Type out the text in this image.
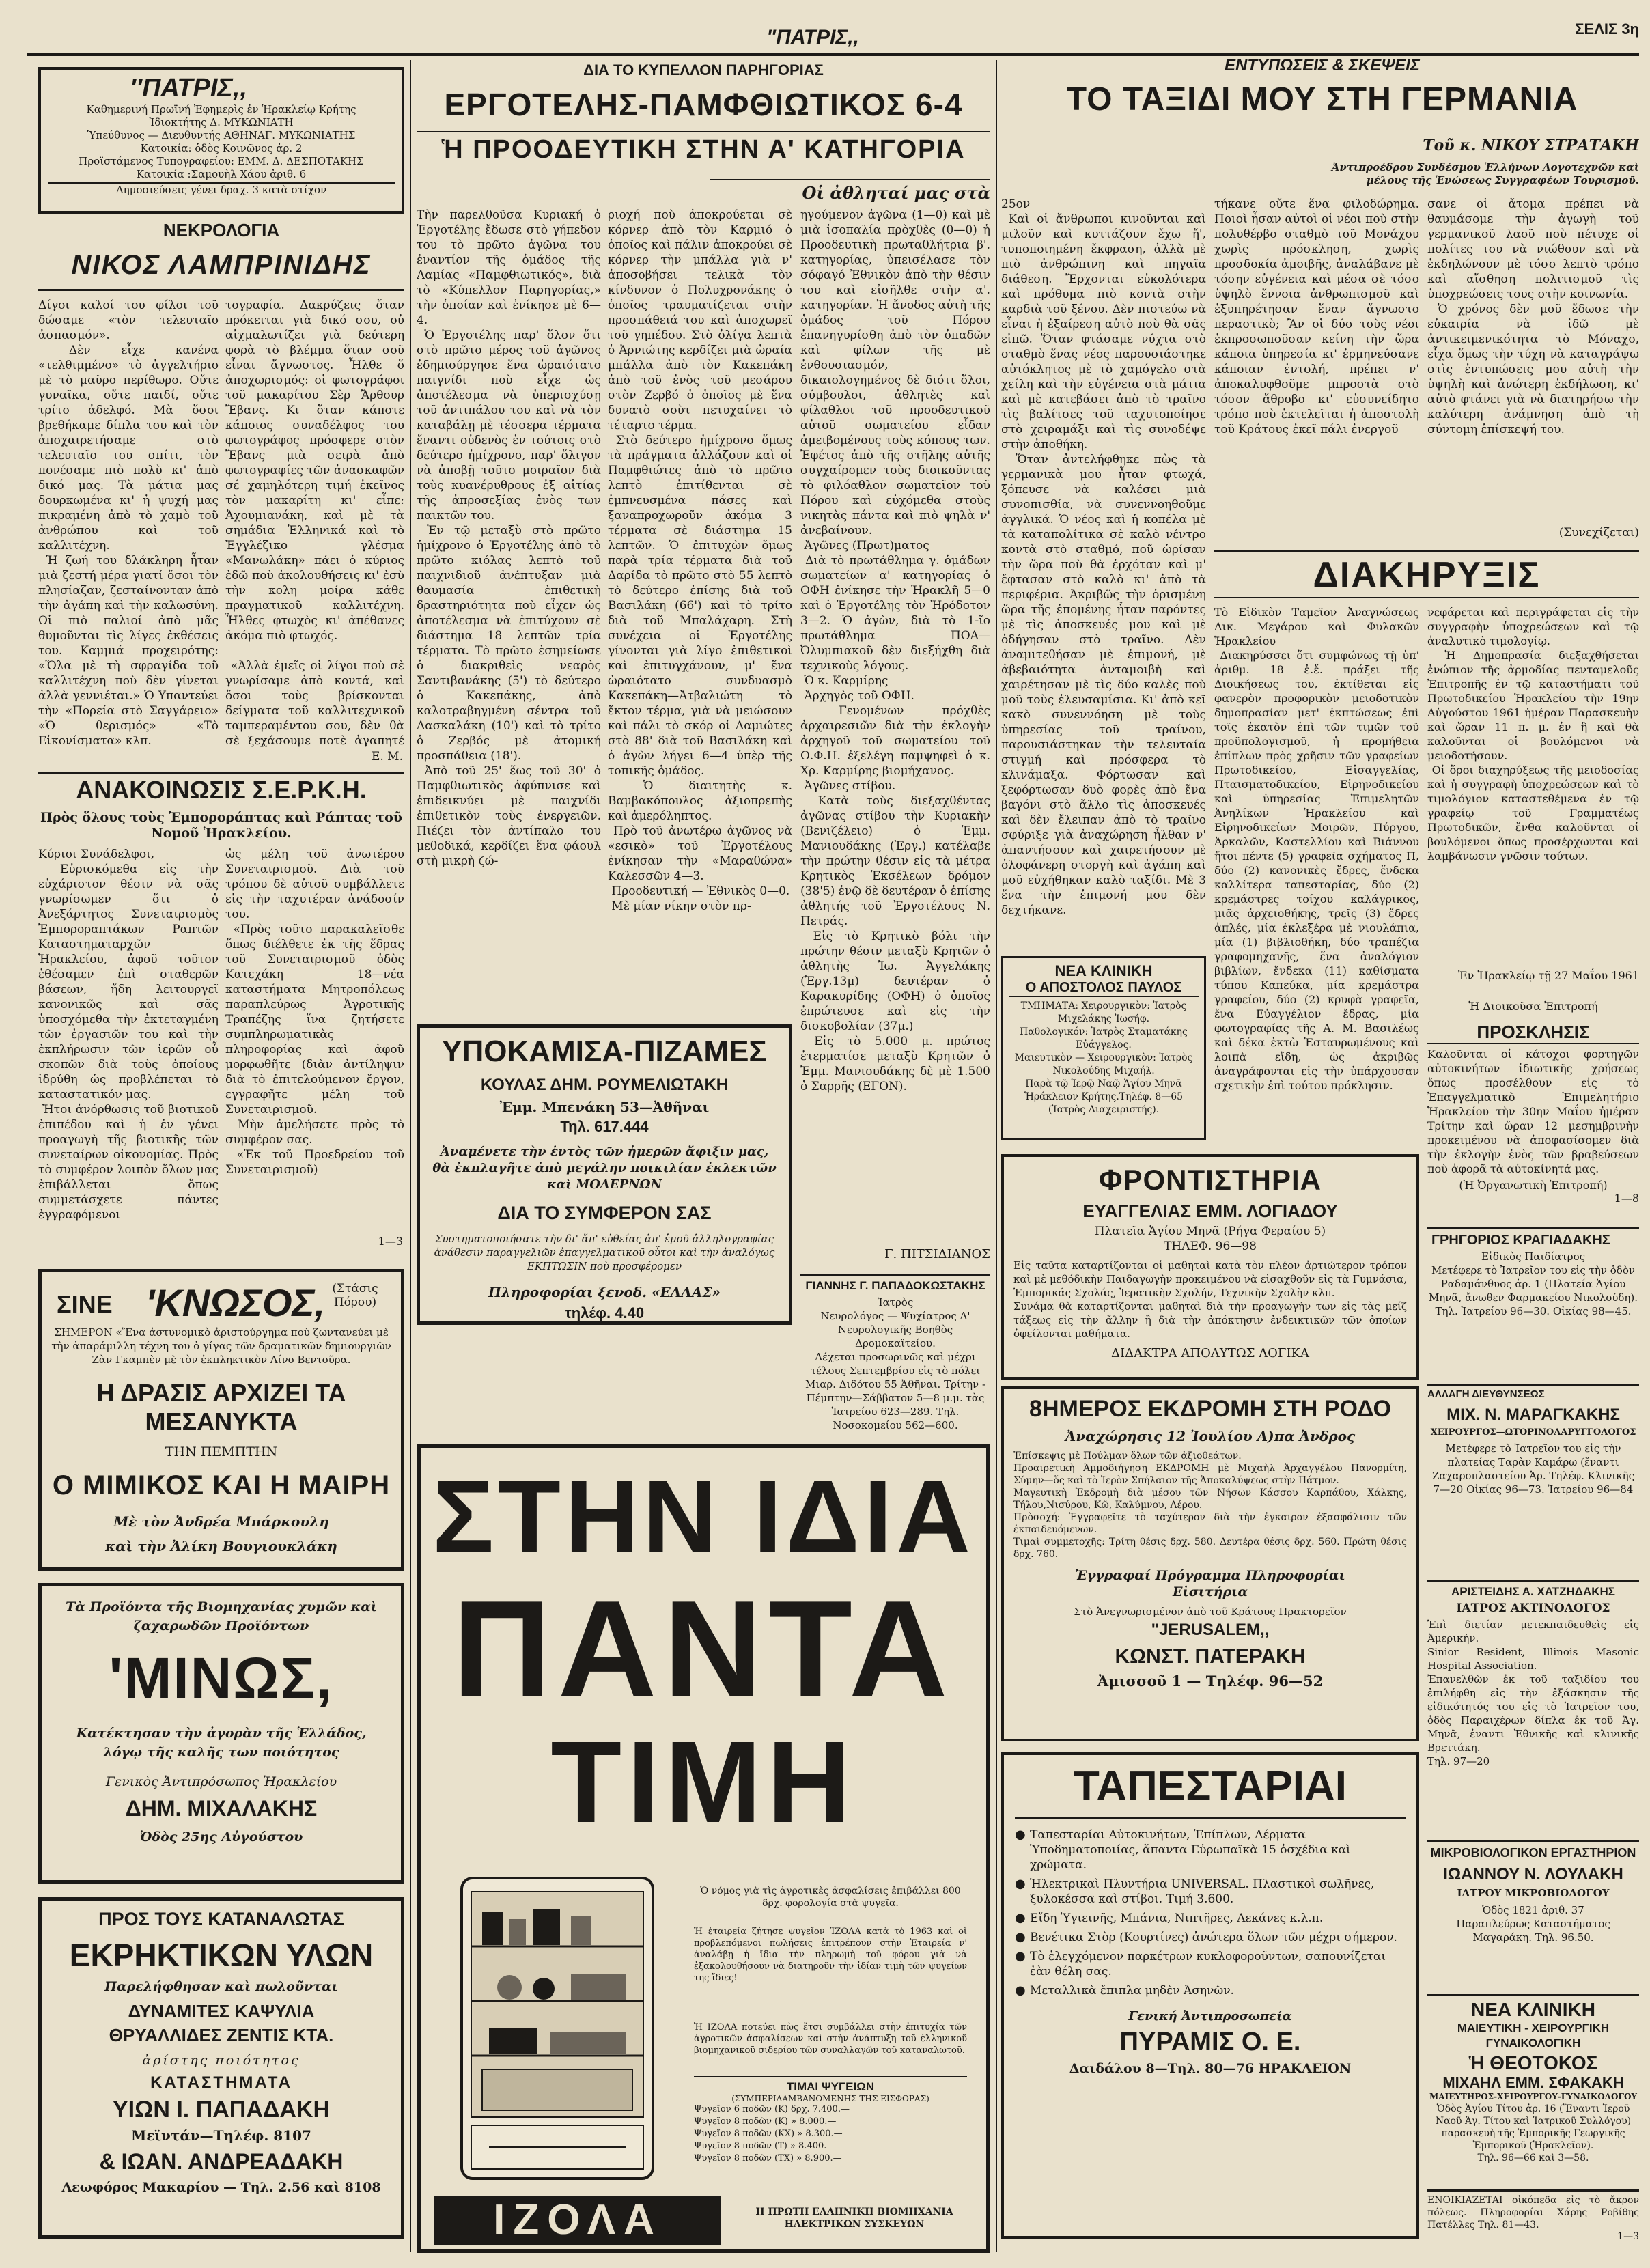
"ΠΑΤΡΙΣ,,	ΣΕΛΙΣ 3η
''ΠΑΤΡΙΣ,,
Καθημερινή Πρωϊνή Ἐφημερὶς ἐν Ἡρακλείῳ Κρήτης
Ἰδιοκτήτης Δ. ΜΥΚΩΝΙΑΤΗ
Ὑπεύθυνος — Διευθυντής ΑΘΗΝΑΓ. ΜΥΚΩΝΙΑΤΗΣ
Κατοικία: ὁδὸς Κοινῶνος ἀρ. 2
Προϊστάμενος Τυπογραφείου: ΕΜΜ. Δ. ΔΕΣΠΟΤΑΚΗΣ
Κατοικία :Σαμουὴλ Χάου ἀριθ. 6
Δημοσιεύσεις γένει δραχ. 3 κατὰ στίχον
ΝΕΚΡΟΛΟΓΙΑ
ΝΙΚΟΣ ΛΑΜΠΡΙΝΙΔΗΣ
Δίγοι καλοί του φίλοι τοῦ δώσαμε «τὸν τελευταῖο ἀσπασμόν».
Δὲν εἶχε κανένα «τελθιμμένο» τὸ ἀγγελτήριο μὲ τὸ μαῦρο περίθωρο. Οὔτε γυναῖκα, οὔτε παιδί, οὔτε τρίτο ἀδελφό. Μὰ ὅσοι βρεθήκαμε δίπλα του καὶ τὸν ἀποχαιρετήσαμε στὸ τελευταῖο του σπίτι, τὸν πονέσαμε πιὸ πολὺ κι' ἀπὸ δικό μας. Τὰ μάτια μας δουρκωμένα κι' ἡ ψυχή μας πικραμένη ἀπὸ τὸ χαμὸ τοῦ ἀνθρώπου καὶ τοῦ καλλιτέχνη.
Ἡ ζωή του δλάκληρη ἦταν μιὰ ζεστή μέρα γιατί ὅσοι τὸν πλησίαζαν, ζεσταίνονταν ἀπὸ τὴν ἀγάπη καὶ τὴν καλωσύνη. Οἱ πιὸ παλιοί ἀπὸ μᾶς θυμοῦνται τὶς λίγες ἐκθέσεις του. Καμμιά προχειρότης: «Ὅλα μὲ τὴ σφραγίδα τοῦ καλλιτέχνη ποὺ δὲν γίνεται ἀλλὰ γεννιέται.» Ὁ Υπαντεύει τὴν «Πορεία στὸ Σαγγάρειο» «Ὁ θερισμός» «Τὸ Εἰκονίσματα» κλπ.
τογραφία. Δακρύζεις ὅταν πρόκειται γιὰ δικό σου, οὐ αἰχμαλωτίζει γιὰ δεύτερη φορὰ τὸ βλέμμα ὅταν σοῦ εἶναι ἄγνωστος. Ἦλθε ὅ ἀποχωρισμός: οἱ φωτογράφοι τοῦ μακαρίτου Σὲρ Ἄρθουρ Ἔβανς. Κι ὅταν κάποτε κάποιος συναδέλφος του φωτογράφος πρόσφερε στὸν Ἔβανς μιὰ σειρὰ ἀπὸ φωτογραφίες τῶν ἀνασκαφῶν σέ χαμηλότερη τιμή ἐκεῖνος τὸν μακαρίτη κι' εἶπε: Ἀχουμιανάκη, καὶ μὲ τὰ σημάδια Ἑλληνικά καὶ τὸ Ἐγγλέζικο γλέσμα «Μανωλάκη» πάει ὁ κύριος ἐδῶ ποὺ ἀκολουθήσεις κι' ἐσὺ τὴν κολη μοίρα κάθε πραγματικοῦ καλλιτέχνη. Ἦλθες φτωχὸς κι' ἀπέθανες ἀκόμα πιὸ φτωχός.

«Ἀλλὰ ἐμεῖς οἱ λίγοι ποὺ σὲ γνωρίσαμε ἀπὸ κοντά, καὶ ὅσοι τοὺς βρίσκονται δείγματα τοῦ καλλιτεχνικοῦ ταμπεραμέντου σου, δὲν θὰ σὲ ξεχάσουμε ποτὲ ἀγαπητέ
Ε. Μ.
ΑΝΑΚΟΙΝΩΣΙΣ Σ.Ε.Ρ.Κ.Η.
Πρὸς ὅλους τοὺς Ἐμποροράπτας καὶ Ράπτας τοῦ Νομοῦ Ἡρακλείου.
Κύριοι Συνάδελφοι,
Εὐρισκόμεθα εἰς τὴν εὐχάριστον θέσιν νὰ σᾶς γνωρίσωμεν ὅτι ὁ Ἀνεξάρτητος Συνεταιρισμὸς Ἐμποροραπτάκων Ραπτῶν Καταστηματαρχῶν Ἡρακλείου, ἀφοῦ τοῦτον ἐθέσαμεν ἐπὶ σταθερῶν βάσεων, ἤδη λειτουργεῖ κανονικῶς καὶ σᾶς ὑποσχόμεθα τὴν ἐκτεταγμένη τῶν ἐργασιῶν του καὶ τὴν ἐκπλήρωσιν τῶν ἱερῶν οὗ σκοπῶν διὰ τοὺς ὁποίους ἱδρύθη ὡς προβλέπεται τὸ καταστατικόν μας.
Ἠτοι ἀνόρθωσις τοῦ βιοτικοῦ ἐπιπέδου καὶ ἡ ἐν γένει προαγωγὴ τῆς βιοτικῆς τῶν συνεταίρων οἰκονομίας. Πρὸς τὸ συμφέρον λοιπὸν ὅλων μας ἐπιβάλλεται ὅπως συμμετάσχετε πάντες ἐγγραφόμενοι
ὡς μέλη τοῦ ἀνωτέρου Συνεταιρισμοῦ. Διὰ τοῦ τρόπου δὲ αὐτοῦ συμβάλλετε εἰς τὴν ταχυτέραν ἀνάδοσίν του.
«Πρὸς τοῦτο παρακαλεῖσθε ὅπως διέλθετε ἐκ τῆς ἕδρας τοῦ Συνεταιρισμοῦ ὁδὸς Κατεχάκη 18—νέα καταστήματα Μητροπόλεως παραπλεύρως Ἀγροτικῆς Τραπέζης ἵνα ζητήσετε συμπληρωματικὰς πληροφορίας καὶ ἀφοῦ μορφωθῆτε (διὰν ἀντίληψιν διὰ τὸ ἐπιτελούμενον ἔργον, εγγραφῆτε μέλη τοῦ Συνεταιρισμοῦ.
Μὴν ἀμελήσετε πρὸς τὸ συμφέρον σας.
«Ἐκ τοῦ Προεδρείου τοῦ Συνεταιρισμοῦ)
1—3
ΣΙΝΕ 'ΚΝΩΣΟΣ, (Στάσις Πόρου)
ΣΗΜΕΡΟΝ «Ἕνα ἀστυνομικὸ ἀριστούργημα ποὺ ζωντανεύει μὲ τὴν ἀπαράμιλλη τέχνη του ὁ γίγας τῶν δραματικῶν δημιουργιῶν Ζὰν Γκαμπὲν μὲ τὸν ἐκπληκτικὸν Λίνο Βεντοῦρα.
Η ΔΡΑΣΙΣ ΑΡΧΙΖΕΙ ΤΑ ΜΕΣΑΝΥΚΤΑ
ΤΗΝ ΠΕΜΠΤΗΝ
Ο ΜΙΜΙΚΟΣ ΚΑΙ Η ΜΑΙΡΗ
Μὲ τὸν Ἀνδρέα Μπάρκουλη
καὶ τὴν Ἀλίκη Βουγιουκλάκη
Τὰ Προϊόντα τῆς Βιομηχανίας χυμῶν καὶ ζαχαρωδῶν Προϊόντων
'ΜΙΝΩΣ,
Κατέκτησαν τὴν ἀγορὰν τῆς Ἑλλάδος, λόγῳ τῆς καλῆς των ποιότητος
Γενικὸς Ἀντιπρόσωπος Ἡρακλείου
ΔΗΜ. ΜΙΧΑΛΑΚΗΣ
Ὁδὸς 25ης Αὐγούστου
ΠΡΟΣ ΤΟΥΣ ΚΑΤΑΝΑΛΩΤΑΣ
ΕΚΡΗΚΤΙΚΩΝ ΥΛΩΝ
Παρελήφθησαν καὶ πωλοῦνται
ΔΥΝΑΜΙΤΕΣ ΚΑΨΥΛΙΑ
ΘΡΥΑΛΛΙΔΕΣ ΖΕΝΤΙΣ ΚΤΑ.
ἀρίστης ποιότητος
ΚΑΤΑΣΤΗΜΑΤΑ
ΥΙΩΝ Ι. ΠΑΠΑΔΑΚΗ
Μεϊντάν—Τηλέφ. 8107
& ΙΩΑΝ. ΑΝΔΡΕΑΔΑΚΗ
Λεωφόρος Μακαρίου — Τηλ. 2.56 καὶ 8108
ΔΙΑ ΤΟ ΚΥΠΕΛΛΟΝ ΠΑΡΗΓΟΡΙΑΣ
ΕΡΓΟΤΕΛΗΣ-ΠΑΜΦΘΙΩΤΙΚΟΣ 6-4
Ἡ ΠΡΟΟΔΕΥΤΙΚΗ ΣΤΗΝ Α' ΚΑΤΗΓΟΡΙΑ
Οἱ ἀθληταί μας στὰ
Τὴν παρελθοῦσα Κυριακή ὁ Ἐργοτέλης ἔδωσε στὸ γήπεδον του τὸ πρῶτο ἀγῶνα του ἐναντίον τῆς ὁμάδος τῆς Λαμίας «Παμφθιωτικός», διὰ τὸ «Κύπελλον Παρηγορίας,» τὴν ὁποίαν καὶ ἐνίκησε μὲ 6—4.
Ὁ Ἐργοτέλης παρ' ὅλον ὅτι στὸ πρῶτο μέρος τοῦ ἀγῶνος ἐδημιούργησε ἕνα ὡραιότατο παιγνίδι ποὺ εἶχε ὡς ἀποτέλεσμα νὰ ὑπερισχύσῃ τοῦ ἀντιπάλου του καὶ νὰ τὸν καταβάλῃ μὲ τέσσερα τέρματα ἔναντι οὐδενὸς ἐν τούτοις στὸ δεύτερο ἡμίχρονο, παρ' ὅλιγον νὰ ἀποβῇ τοῦτο μοιραῖον διὰ τοὺς κυανέρυθρους ἐξ αἰτίας τῆς ἀπροσεξίας ἑνὸς των παικτῶν του.
Ἐν τῷ μεταξὺ στὸ πρῶτο ἡμίχρονο ὁ Ἐργοτέλης ἀπὸ τὸ πρῶτο κιόλας λεπτὸ τοῦ παιχνιδιοῦ ἀνέπτυξαν μιὰ θαυμασία ἐπιθετικὴ δραστηριότητα ποὺ εἶχεν ὡς ἀποτέλεσμα νὰ ἐπιτύχουν σὲ διάστημα 18 λεπτῶν τρία τέρματα. Τὸ πρῶτο ἐσημείωσε ὁ διακριθεὶς νεαρὸς Σαντιβανάκης (5') τὸ δεύτερο ὁ Κακεπάκης, ἀπὸ καλοτραβηγμένη σέντρα τοῦ Δασκαλάκη (10') καὶ τὸ τρίτο ὁ Ζερβός μὲ ἀτομική προσπάθεια (18').
Ἀπὸ τοῦ 25' ἕως τοῦ 30' ὁ Παμφθιωτικὸς ἀφύπνισε καὶ ἐπιδεικνύει μὲ παιχνίδι ἐπιθετικὸν τοὺς ἐνεργειῶν. Πιέζει τὸν ἀντίπαλο του μεθοδικά, κερδίζει ἕνα φάουλ στὴ μικρὴ ζώ-
ριοχή ποὺ ἀποκρούεται σὲ κόρνερ ἀπὸ τὸν Καρμιό ὁ ὁποῖος καὶ πάλιν ἀποκρούει σὲ κόρνερ τὴν μπάλλα γιὰ ν' ἀποσοβήσει τελικὰ τὸν κίνδυνον ὁ Πολυχρονάκης ὁ ὁποῖος τραυματίζεται στὴν προσπάθειά του καὶ ἀποχωρεῖ τοῦ γηπέδου. Στὸ ὀλίγα λεπτὰ ὁ Ἀρνιώτης κερδίζει μιὰ ὡραία μπάλλα ἀπὸ τὸν Κακεπάκη ἀπὸ τοῦ ἑνὸς τοῦ μεσάρου στὸν Ζερβό ὁ ὁποῖος μὲ ἕνα δυνατὸ σοὺτ πετυχαίνει τὸ τέταρτο τέρμα.
Στὸ δεύτερο ἡμίχρονο ὅμως τὰ πράγματα ἀλλάζουν καὶ οἱ Παμφθιώτες ἀπὸ τὸ πρῶτο λεπτὸ ἐπιτίθενται σὲ ἐμπνευσμένα πάσες καὶ ξαναπροχωροῦν ἀκόμα 3 τέρματα σὲ διάστημα 15 λεπτῶν. Ὁ ἐπιτυχὼν ὅμως παρὰ τρία τέρματα διὰ τοῦ Δαρίδα τὸ πρῶτο στὸ 55 λεπτὸ τὸ δεύτερο ἐπίσης διὰ τοῦ Βασιλάκη (66') καὶ τὸ τρίτο διὰ τοῦ Μπαλάχαρη. Στὴ συνέχεια οἱ Ἐργοτέλης γίνονται γιὰ λίγο ἐπιθετικοὶ καὶ ἐπιτυγχάνουν, μ' ἕνα ὡραιότατο συνδυασμὸ Κακεπάκη—Ἀτβαλιώτη τὸ ἕκτον τέρμα, γιὰ νὰ μειώσουν καὶ πάλι τὸ σκόρ οἱ Λαμιώτες στὸ 88' διὰ τοῦ Βασιλάκη καὶ ὁ ἀγὼν λήγει 6—4 ὑπὲρ τῆς τοπικῆς ὁμάδος.
Ὁ διαιτητὴς κ. Βαμβακόπουλος ἀξιοπρεπὴς καὶ ἀμερόληπτος.
Πρὸ τοῦ ἀνωτέρω ἀγῶνος νὰ «εσικὸ» τοῦ Ἐργοτέλους ἐνίκησαν τὴν «Μαραθώνα» Καλεσσῶν 4—3.
Προοδευτική — Ἐθνικὸς 0—0.
Μὲ μίαν νίκην στὸν πρ-
ηγούμενον ἀγῶνα (1—0) καὶ μὲ μιὰ ἰσοπαλία πρὸχθὲς (0—0) ἡ Προοδευτικὴ πρωταθλήτρια β'. κατηγορίας, ὑπεισέλασε τὸν σόφαγό Ἐθνικὸν ἀπὸ τὴν θέσιν του καὶ εἰσῆλθε στὴν α'. κατηγορίαν. Ἡ ἄνοδος αὐτὴ τῆς ὁμάδος τοῦ Πόρου ἐπανηγυρίσθη ἀπὸ τὸν ὀπαδῶν καὶ φίλων τῆς μὲ ἐνθουσιασμόν, δικαιολογημένος δὲ διότι ὅλοι, σύμβουλοι, ἀθλητὲς καὶ φίλαθλοι τοῦ προοδευτικοῦ αὐτοῦ σωματείου εἶδαν ἀμειβομένους τοὺς κόπους των. Ἐφέτος ἀπὸ τῆς στῆλης αὐτῆς συγχαίρομεν τοὺς διοικοῦντας τὸ φιλόαθλον σωματεῖον τοῦ Πόρου καὶ εὐχόμεθα στοὺς νικητὰς πάντα καὶ πιὸ ψηλὰ ν' ἀνεβαίνουν.
Ἀγῶνες (Πρωτ)ματος
Διὰ τὸ πρωτάθλημα γ. ὁμάδων σωματείων α' κατηγορίας ὁ ΟΦΗ ἐνίκησε τὴν Ἡρακλῆ 5—0 καὶ ὁ Ἐργοτέλης τὸν Ἡρόδοτον 3—2. Ὁ ἀγὼν, διὰ τὸ 1-ῖο πρωτάθλημα ΠΟΑ—Ὀλυμπιακοῦ δὲν διεξήχθη διὰ τεχνικοὺς λόγους.
Ὁ κ. Καρμίρης
Ἀρχηγὸς τοῦ ΟΦΗ.
Γενομένων πρόχθὲς ἀρχαιρεσιῶν διὰ τὴν ἐκλογὴν ἀρχηγοῦ τοῦ σωματείου τοῦ Ο.Φ.Η. ἐξελέγη παμψηφεὶ ὁ κ. Χρ. Καρμίρης βιομήχανος.
Ἀγῶνες στίβου.
Κατὰ τοὺς διεξαχθέντας ἀγῶνας στίβου τὴν Κυριακὴν (Βενιζέλειο) ὁ Ἐμμ. Μανιουδάκης (Ἐργ.) κατέλαβε τὴν πρώτην θέσιν εἰς τὰ μέτρα Κρητικὸς Ἐκσέλεων δρόμον (38'5) ἐνῷ δὲ δευτέραν ὁ ἐπίσης ἀθλητής τοῦ Ἐργοτέλους Ν. Πετράς.
Εἰς τὸ Κρητικὸ βόλι τὴν πρώτην θέσιν μεταξὺ Κρητῶν ὁ ἀθλητὴς Ἰω. Ἀγγελάκης (Ἐργ.13μ) δευτέραν ὁ Καρακυρίδης (ΟΦΗ) ὁ ὁποῖος ἐπρώτευσε καὶ εἰς τὴν δισκοβολίαν (37μ.)
Εἰς τὸ 5.000 μ. πρώτος ἐτερματίσε μεταξὺ Κρητῶν ὁ Ἐμμ. Μανιουδάκης δὲ μὲ 1.500 ὁ Σαρρῆς (ΕΓΟΝ).
Γ. ΠΙΤΣΙΔΙΑΝΟΣ
ΥΠΟΚΑΜΙΣΑ-ΠΙΖΑΜΕΣ
ΚΟΥΛΑΣ ΔΗΜ. ΡΟΥΜΕΛΙΩΤΑΚΗ
Ἐμμ. Μπενάκη 53—Ἀθῆναι
Τηλ. 617.444
Ἀναμένετε τὴν ἐντὸς τῶν ἡμερῶν ἄφιξιν μας, θὰ ἐκπλαγῆτε ἀπὸ μεγάλην ποικιλίαν ἐκλεκτῶν καὶ ΜΟΔΕΡΝΩΝ
ΔΙΑ ΤΟ ΣΥΜΦΕΡΟΝ ΣΑΣ
Συστηματοποιήσατε τὴν δι' ἄπ' εὐθείας ἀπ' ἐμοῦ ἀλληλογραφίας ἀνάθεσιν παραγγελιῶν ἐπαγγελματικοῦ οὗτοι καὶ τὴν ἀναλόγως ΕΚΠΤΩΣΙΝ ποὺ προσφέρομεν
Πληροφορίαι ξενοδ. «ΕΛΛΑΣ»
τηλέφ. 4.40
ΓΙΑΝΝΗΣ Γ. ΠΑΠΑΔΟΚΩΣΤΑΚΗΣ
Ἰατρὸς
Νευρολόγος — Ψυχίατρος Α' Νευρολογικῆς Βοηθὸς Δρομοκαϊτείου.
Δέχεται προσωρινῶς καὶ μέχρι τέλους Σεπτεμβρίου εἰς τὸ πόλει Μιαρ. Διδότου 55 Ἀθῆναι. Τρίτην - Πέμπτην—Σάββατον 5—8 μ.μ. τὰς Ἰατρείου 623—289. Τηλ. Νοσοκομείου 562—600.
ΣΤΗΝ ΙΔΙΑ
ΠΑΝΤΑ
ΤΙΜΗ
Ὁ νόμος γιὰ τὶς ἀγροτικὲς ἀσφαλίσεις ἐπιβάλλει 800 δρχ. φορολογία στὰ ψυγεῖα.
Ἡ ἑταιρεία ζήτησε ψυγεῖον ἸΖΟΛΑ κατὰ τὸ 1963 καὶ οἱ προβλεπόμενοι πωλήσεις ἐπιτρέπουν στὴν Ἑταιρεία ν' ἀναλάβῃ ἡ ἴδια τὴν πληρωμὴ τοῦ φόρου γιὰ νὰ ἐξακολουθήσουν νὰ διατηροῦν τὴν ἰδίαν τιμὴ τῶν ψυγείων της ἴδιες!
Ἡ ΙΖΟΛΑ ποτεύει πὼς ἔτσι συμβάλλει στὴν ἐπιτυχία τῶν ἀγροτικῶν ἀσφαλίσεων καὶ στὴν ἀνάπτυξη τοῦ ἑλληνικοῦ βιομηχανικοῦ σιδερίου τῶν συναλλαγῶν τοῦ καταναλωτοῦ.
ΤΙΜΑΙ ΨΥΓΕΙΩΝ
(ΣΥΜΠΕΡΙΛΑΜΒΑΝΟΜΕΝΗΣ ΤΗΣ ΕΙΣΦΟΡΑΣ)
Ψυγεῖον 6 ποδῶν (Κ) δρχ. 7.400.—
Ψυγεῖον 8 ποδῶν (Κ) » 8.000.—
Ψυγεῖον 8 ποδῶν (ΚΧ) » 8.300.—
Ψυγεῖον 8 ποδῶν (Τ) » 8.400.—
Ψυγεῖον 8 ποδῶν (ΤΧ) » 8.900.—
ΙΖΟΛΑ	Η ΠΡΩΤΗ ΕΛΛΗΝΙΚΗ ΒΙΟΜΗΧΑΝΙΑ ΗΛΕΚΤΡΙΚΩΝ ΣΥΣΚΕΥΩΝ
ΕΝΤΥΠΩΣΕΙΣ & ΣΚΕΨΕΙΣ
ΤΟ ΤΑΞΙΔΙ ΜΟΥ ΣΤΗ ΓΕΡΜΑΝΙΑ
Τοῦ κ. ΝΙΚΟΥ ΣΤΡΑΤΑΚΗ
Ἀντιπροέδρου Συνδέσμου Ἑλλήνων Λογοτεχνῶν καὶ μέλους τῆς Ἑνώσεως Συγγραφέων Τουρισμοῦ.
25ον
Καὶ οἱ ἄνθρωποι κινοῦνται καὶ μιλοῦν καὶ κυττάζουν ἔχω ἤ', τυποποιημένη ἔκφραση, ἀλλὰ μὲ πιὸ ἀνθρώπινη καὶ πηγαῖα διάθεση. Ἔρχονται εὐκολότερα καὶ πρόθυμα πιὸ κοντὰ στὴν καρδιὰ τοῦ ξένου. Δὲν πιστεύω νὰ εἶναι ἡ ἐξαίρεση αὐτὸ ποὺ θὰ σᾶς εἰπῶ. Ὅταν φτάσαμε νύχτα στὸ σταθμὸ ἕνας νέος παρουσιάστηκε αὐτόκλητος μὲ τὸ χαμόγελο στὰ χείλη καὶ τὴν εὐγένεια στὰ μάτια καὶ μὲ κατεβάσει ἀπὸ τὸ τραῖνο τὶς βαλίτσες τοῦ ταχυτοποίησε στὸ χειραμάξι καὶ τὶς συνοδέψε στὴν ἀποθήκη.
Ὅταν ἀντελήφθηκε πὼς τὰ γερμανικὰ μου ἦταν φτωχά, ξόπευσε νὰ καλέσει μιὰ συνοπισθία, νὰ συνεννοηθοῦμε ἀγγλικά. Ὁ νέος καὶ ἡ κοπέλα μὲ τὰ καταπολίτικα σὲ καλὸ νέντρο κοντὰ στὸ σταθμό, ποῦ ὡρίσαν τὴν ὥρα ποὺ θὰ ἐρχόταν καὶ μ' ἔφτασαν στὸ καλὸ κι' ἀπὸ τὰ περιφέρια. Ἀκριβῶς τὴν ὁρισμένη ὥρα τῆς ἐπομένης ἦταν παρόντες μὲ τὶς ἀποσκευές μου καὶ μὲ ὁδήγησαν στὸ τραῖνο. Δὲν ἀναμιτεθήσαν μὲ ἐπιμονή, μὲ ἀβεβαιότητα ἀνταμοιβὴ καὶ χαιρέτησαν μὲ τὶς δύο καλὲς ποὺ μοῦ τοὺς ἐλευσαμίσια. Κι' ἀπὸ κεῖ κακὸ συνεννόηση μὲ τοὺς ὑπηρεσίας τοῦ τραίνου, παρουσιάστηκαν τὴν τελευταία στιγμή καὶ πρόσφερα τὸ κλινάμαξα. Φόρτωσαν καὶ ξεφόρτωσαν δυὸ φορὲς ἀπὸ ἕνα βαγόνι στὸ ἄλλο τὶς ἀποσκευές καὶ δὲν ἔλειπαν ἀπὸ τὸ τραῖνο σφύριξε γιὰ ἀναχώρηση ἦλθαν ν' ἀπαντήσουν καὶ χαιρετήσουν μὲ ὁλοφάνερη στοργὴ καὶ ἀγάπη καὶ μοῦ εὐχήθηκαν καλὸ ταξίδι. Μὲ 3 ἕνα τὴν ἐπιμονή μου δὲν δεχτήκανε.
τήκανε οὔτε ἕνα φιλοδώρημα. Ποιοὶ ἦσαν αὐτοὶ οἱ νέοι ποὺ στὴν πολυθέρβο σταθμὸ τοῦ Μονάχου χωρὶς πρόσκληση, χωρὶς προσδοκία ἀμοιβῆς, ἀναλάβανε μὲ τόσην εὐγένεια καὶ μέσα σὲ τόσο ὑψηλὸ ἔννοια ἀνθρωπισμοῦ καὶ ἐξυπηρέτησαν ἕναν ἄγνωστο περαστικὸ; Ἂν οἱ δύο τοὺς νέοι ἐκπροσωποῦσαν κείνη τὴν ὥρα κάποια ὑπηρεσία κι' ἐρμηνεύσανε κάποιαν ἐντολή, πρέπει ν' ἀποκαλυφθοῦμε μπροστὰ στὸ τόσον ἄθροβο κι' εὐσυνείδητο τρόπο ποὺ ἐκτελεῖται ἡ ἀποστολὴ τοῦ Κράτους ἐκεῖ πάλι ἐνεργοῦ
σανε οἱ ἄτομα πρέπει νὰ θαυμάσομε τὴν ἀγωγὴ τοῦ γερμανικοῦ λαοῦ ποὺ πέτυχε οἱ πολίτες του νὰ νιώθουν καὶ νὰ ἐκδηλώνουν μὲ τόσο λεπτὸ τρόπο καὶ αἴσθηση πολιτισμοῦ τὶς ὑποχρεώσεις τους στὴν κοινωνία.
Ὁ χρόνος δὲν μοῦ ἔδωσε τὴν εὐκαιρία νὰ ἰδῶ μὲ ἀντικειμενικότητα τὸ Μόναχο, εἶχα ὅμως τὴν τύχη νὰ καταγράψω στὶς ἐντυπώσεις μου αὐτὴ τὴν ὑψηλὴ καὶ ἀνώτερη ἐκδήλωση, κι' αὐτὸ φτάνει γιὰ νὰ διατηρήσω τὴν καλύτερη ἀνάμνηση ἀπὸ τὴ σύντομη ἐπίσκεψή του.
(Συνεχίζεται)
ΔΙΑΚΗΡΥΞΙΣ
Τὸ Εἰδικὸν Ταμεῖον Ἀναγνώσεως Δικ. Μεγάρου καὶ Φυλακῶν Ἡρακλείου
Διακηρύσσει ὅτι συμφώνως τῇ ὑπ' ἀριθμ. 18 ἐ.ἔ. πράξει τῆς Διοικήσεως του, ἐκτίθεται εἰς φανερὸν προφορικὸν μειοδοτικὸν δημοπρασίαν μετ' ἐκπτώσεως ἐπὶ τοῖς ἑκατὸν ἐπὶ τῶν τιμῶν τοῦ προϋπολογισμοῦ, ἡ προμήθεια ἐπίπλων πρὸς χρῆσιν τῶν γραφείων Πρωτοδικείου, Εἰσαγγελίας, Πταισματοδικείου, Εἰρηνοδικείου καὶ ὑπηρεσίας Ἐπιμελητῶν Ἀνηλίκων Ἡρακλείου καὶ Εἰρηνοδικείων Μοιρῶν, Πύργου, Ἀρκαλῶν, Καστελλίου καὶ Βιάννου ἤτοι πέντε (5) γραφεῖα σχήματος Π, δύο (2) κανονικὲς ἔδρες, ἕνδεκα καλλίτερα ταπεσταρίας, δύο (2) κρεμάστρες τοίχου καλάγρικος, μιᾶς ἀρχειοθήκης, τρεῖς (3) ἔδρες ἀπλές, μία ἐκλεξέρα μὲ νιουλάπια, μία (1) βιβλιοθήκη, δύο τραπέζια γραφομηχανῆς, ἕνα ἀναλόγιον βιβλίων, ἕνδεκα (11) καθίσματα τύπου Καπεύκα, μία κρεμάστρα γραφείου, δύο (2) κρυφὰ γραφεῖα, ἕνα Εὐαγγέλιον ἔδρας, μία φωτογραφίας τῆς Α. Μ. Βασιλέως καὶ δέκα ἐκτὼ Ἐσταυρωμένους καὶ λοιπὰ εἴδη, ὡς ἀκριβῶς ἀναγράφονται εἰς τὴν ὑπάρχουσαν σχετικὴν ἐπὶ τούτου πρόκλησιν.
νεφάρεται καὶ περιγράφεται εἰς τὴν συγγραφὴν ὑποχρεώσεων καὶ τῷ ἀναλυτικὸ τιμολογίῳ.
Ἡ Δημοπρασία διεξαχθήσεται ἐνώπιον τῆς ἀρμοδίας πενταμελοῦς Ἐπιτροπῆς ἐν τῷ καταστήματι τοῦ Πρωτοδικείου Ἡρακλείου τὴν 19ην Αὐγούστου 1961 ἡμέραν Παρασκευὴν καὶ ὥραν 11 π. μ. ἐν ἣ καὶ θὰ καλοῦνται οἱ βουλόμενοι νὰ μειοδοτήσουν.
Οἱ ὅροι διαχηρύξεως τῆς μειοδοσίας καὶ ἡ συγγραφὴ ὑποχρεώσεων καὶ τὸ τιμολόγιον καταστεθέμενα ἐν τῷ γραφείῳ τοῦ Γραμματέως Πρωτοδικῶν, ἔνθα καλοῦνται οἱ βουλόμενοι ὅπως προσέρχωνται καὶ λαμβάνωσιν γνῶσιν τούτων.
Ἐν Ἡρακλείῳ τῇ 27 Μαΐου 1961
Ἡ Διοικοῦσα Ἐπιτροπή
ΝΕΑ ΚΛΙΝΙΚΗ
Ο ΑΠΟΣΤΟΛΟΣ ΠΑΥΛΟΣ
ΤΜΗΜΑΤΑ: Χειρουργικὸν: Ἰατρὸς Μιχελάκης Ἰωσήφ.
Παθολογικόν: Ἰατρὸς Σταματάκης Εὐάγγελος.
Μαιευτικὸν — Χειρουργικὸν: Ἰατρὸς Νικολούδης Μιχαήλ.
Παρὰ τῷ Ἱερῷ Ναῷ Ἁγίου Μηνᾶ Ἡράκλειον Κρήτης.Τηλέφ. 8—65
(Ἰατρὸς Διαχειριστής).
ΠΡΟΣΚΛΗΣΙΣ
Καλοῦνται οἱ κάτοχοι φορτηγῶν αὐτοκινήτων ἰδιωτικῆς χρήσεως ὅπως προσέλθουν εἰς τὸ Ἐπαγγελματικὸ Ἐπιμελητήριο Ἡρακλείου τὴν 30ην Μαΐου ἡμέραν Τρίτην καὶ ὥραν 12 μεσημβρινὴν προκειμένου νὰ ἀποφασίσομεν διὰ τὴν ἐκλογὴν ἑνὸς τῶν βραβεύσεων ποὺ ἀφορᾶ τὰ αὐτοκίνητά μας.
(Ἡ Ὀργανωτικὴ Ἐπιτροπή)
1—8
ΦΡΟΝΤΙΣΤΗΡΙΑ
ΕΥΑΓΓΕΛΙΑΣ ΕΜΜ. ΛΟΓΙΑΔΟΥ
Πλατεῖα Ἁγίου Μηνᾶ (Ρήγα Φεραίου 5)
ΤΗΛΕΦ. 96—98
Εἰς ταῦτα καταρτίζονται οἱ μαθηταὶ κατὰ τὸν πλέον ἀρτιώτερον τρόπον καὶ μὲ μεθόδικὴν Παιδαγωγὴν προκειμένου νὰ εἰσαχθοῦν εἰς τὰ Γυμνάσια, Ἐμπορικάς Σχολάς, Ἱερατικὴν Σχολήν, Τεχνικὴν Σχολὴν κλπ.
Συνάμα θὰ καταρτίζονται μαθηταὶ διὰ τὴν προαγωγὴν των εἰς τὰς μείζ τάξεως εἰς τὴν ἄλλην ἢ διὰ τὴν ἀπόκτησιν ἐνδεικτικῶν τῶν ὁποίων ὀφείλονται μαθήματα.
ΔΙΔΑΚΤΡΑ ΑΠΟΛΥΤΩΣ ΛΟΓΙΚΑ
ΓΡΗΓΟΡΙΟΣ ΚΡΑΓΙΑΔΑΚΗΣ
Εἰδικὸς Παιδίατρος
Μετέφερε τὸ Ἰατρεῖον του εἰς τὴν ὁδὸν Ραδαμάνθυος ἀρ. 1 (Πλατεία Ἁγίου Μηνᾶ, ἄνωθεν Φαρμακείου Νικολούδη).
Τηλ. Ἰατρείου 96—30. Οἰκίας 98—45.
8ΗΜΕΡΟΣ ΕΚΔΡΟΜΗ ΣΤΗ ΡΟΔΟ
Ἀναχώρησις 12 Ἰουλίου Α)πα Ἀνδρος
Ἐπίσκεψις μὲ Πούλμαν ὅλων τῶν ἀξιοθεάτων.
Προαιρετικὴ Ἁμμοδιήγηση ΕΚΔΡΟΜΗ μὲ Μιχαὴλ Ἀρχαγγέλου Πανορμίτη, Σύμην—ὅς καὶ τὸ Ἱερὸν Σπήλαιον τῆς Ἀποκαλύψεως στὴν Πάτμον.
Μαγευτικὴ Ἐκδρομὴ διὰ μέσου τῶν Νήσων Κάσσου Καρπάθου, Χάλκης, Τήλου,Νισύρου, Κῶ, Καλύμνου, Λέρου.
Πρὸσοχή: Ἐγγραφεῖτε τὸ ταχύτερον διὰ τὴν ἐγκαιρον ἐξασφάλισιν τῶν ἐκπαιδευόμενων.
Τιμαὶ συμμετοχῆς: Τρίτη θέσις δρχ. 580. Δευτέρα θέσις δρχ. 560. Πρώτη θέσις δρχ. 760.
Ἐγγραφαί Πρόγραμμα Πληροφορίαι Εἰσιτήρια
Στὸ Ἀνεγνωρισμένον ἀπὸ τοῦ Κράτους Πρακτορεῖον
"JERUSALEM,,
ΚΩΝΣΤ. ΠΑΤΕΡΑΚΗ
Ἀμισσοῦ 1 — Τηλέφ. 96—52
ΑΛΛΑΓΗ ΔΙΕΥΘΥΝΣΕΩΣ
ΜΙΧ. Ν. ΜΑΡΑΓΚΑΚΗΣ
ΧΕΙΡΟΥΡΓΟΣ—ΩΤΟΡΙΝΟΛΑΡΥΓΓΟΛΟΓΟΣ
Μετέφερε τὸ Ἰατρεῖον του εἰς τὴν πλατείας Ταρὰν Καμάρω (ἔναντι Ζαχαροπλαστείου Ἀρ. Τηλέφ. Κλινικῆς 7—20 Οἰκίας 96—73. Ἰατρείου 96—84
ΑΡΙΣΤΕΙΔΗΣ Α. ΧΑΤΖΗΔΑΚΗΣ
ΙΑΤΡΟΣ ΑΚΤΙΝΟΛΟΓΟΣ
Ἐπὶ διετίαν μετεκπαιδευθεὶς εἰς Ἀμερικήν.
Sinior Resident, Illinois Masonic Hospital Association.
Ἐπανελθὼν ἐκ τοῦ ταξιδίου του ἐπιλήφθη εἰς τὴν ἐξάσκησιν τῆς εἰδικότητός του εἰς τὸ Ἰατρεῖον του, ὁδὸς Παραιχέρων δίπλα ἐκ τοῦ Ἁγ. Μηνᾶ, ἐναντι Ἐθνικῆς καὶ κλινικῆς Βρεττάκη.
Τηλ. 97—20
ΤΑΠΕΣΤΑΡΙΑΙ
● Ταπεσταρίαι Αὐτοκινήτων, Ἐπίπλων, Δέρματα Ὑποδηματοποιίας, ἅπαντα Εὐρωπαϊκὰ 15 ὀσχέδια καὶ χρώματα.
● Ἡλεκτρικαὶ Πλυντήρια UNIVERSAL. Πλαστικοὶ σωλῆνες, ξυλοκέσσα καὶ στίβοι. Τιμή 3.600.
● Εἴδη Ὑγιεινῆς, Μπάνια, Νιπτῆρες, Λεκάνες κ.λ.π.
● Βενέτικα Στὸρ (Κουρτίνες) ἀνώτερα ὅλων τῶν μέχρι σήμερον.
● Τὸ ἐλεγχόμενον παρκέτρων κυκλοφοροῦντων, σαπουνίζεται ἐὰν θέλη σας.
● Μεταλλικὰ ἔπιπλα μηδὲν Ἀσηνῶν.
Γενική Ἀντιπροσωπεία
ΠΥΡΑΜΙΣ Ο. Ε.
Δαιδάλου 8—Τηλ. 80—76 ΗΡΑΚΛΕΙΟΝ
ΜΙΚΡΟΒΙΟΛΟΓΙΚΟΝ ΕΡΓΑΣΤΗΡΙΟΝ
ΙΩΑΝΝΟΥ Ν. ΛΟΥΛΑΚΗ
ΙΑΤΡΟΥ ΜΙΚΡΟΒΙΟΛΟΓΟΥ
Ὁδὸς 1821 ἀριθ. 37
Παραπλεύρως Καταστήματος Μαγαράκη. Τηλ. 96.50.
ΝΕΑ ΚΛΙΝΙΚΗ
ΜΑΙΕΥΤΙΚΗ - ΧΕΙΡΟΥΡΓΙΚΗ ΓΥΝΑΙΚΟΛΟΓΙΚΗ
Ἡ ΘΕΟΤΟΚΟΣ
ΜΙΧΑΗΛ ΕΜΜ. ΣΦΑΚΑΚΗ
ΜΑΙΕΥΤΗΡΟΣ-ΧΕΙΡΟΥΡΓΟΥ-ΓΥΝΑΙΚΟΛΟΓΟΥ
Ὁδὸς Ἁγίου Τίτου ἀρ. 16 (Ἔναντι Ἱεροῦ Ναοῦ Ἁγ. Τίτου καὶ Ἰατρικοῦ Συλλόγου) παρασκευὴ τῆς Ἐμπορικῆς Γεωργικῆς Ἐμπορικοῦ (Ἡρακλεῖον).
Τηλ. 96—66 καὶ 3—58.
ΕΝΟΙΚΙΑΖΕΤΑΙ οἰκόπεδα εἰς τὸ ἄκρον πόλεως. Πληροφορίαι Χάρης Ροβίθης Πατέλλες Τηλ. 81—43.
1—3
